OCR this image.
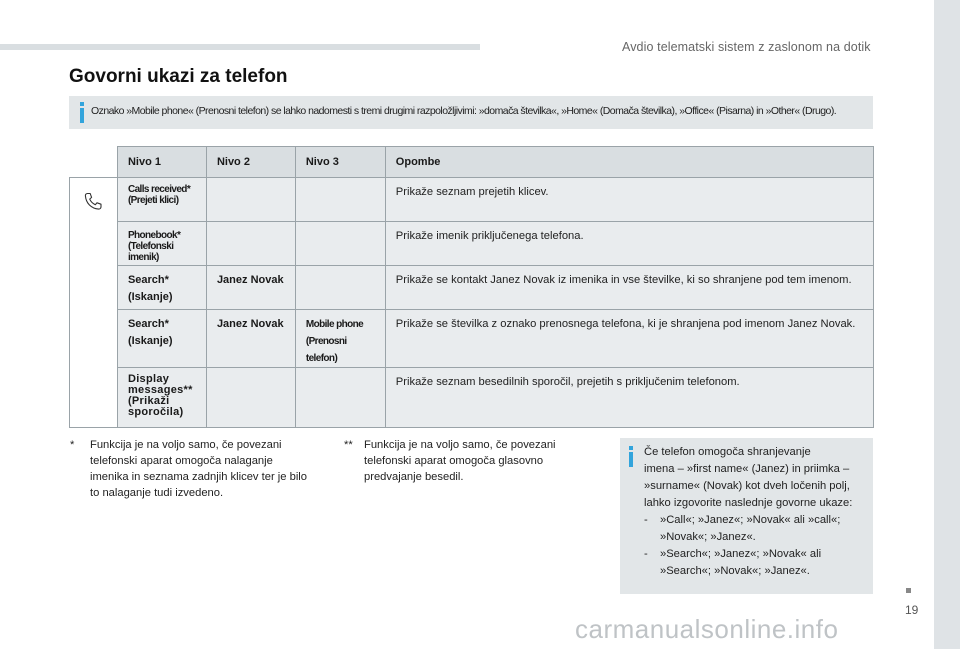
Avdio telematski sistem z zaslonom na dotik
Govorni ukazi za telefon
Oznako »Mobile phone« (Prenosni telefon) se lahko nadomesti s tremi drugimi razpoložljivimi: »domača številka«, »Home« (Domača številka), »Office« (Pisarna) in »Other« (Drugo).
	Nivo 1	Nivo 2	Nivo 3	Opombe

Calls received*
(Prejeti klici)			Prikaže seznam prejetih klicev.

	Phonebook*
(Telefonski imenik)			Prikaže imenik priključenega telefona.

	Search*
(Iskanje)	Janez Novak		Prikaže se kontakt Janez Novak iz imenika in vse številke, ki so shranjene pod tem imenom.

	Search*
(Iskanje)	Janez Novak	Mobile phone
(Prenosni telefon)	Prikaže se številka z oznako prenosnega telefona, ki je shranjena pod imenom Janez Novak.

	Display
messages**
(Prikaži
sporočila)			Prikaže seznam besedilnih sporočil, prejetih s priključenim telefonom.
* Funkcija je na voljo samo, če povezani
telefonski aparat omogoča nalaganje
imenika in seznama zadnjih klicev ter je bilo
to nalaganje tudi izvedeno.
** Funkcija je na voljo samo, če povezani
telefonski aparat omogoča glasovno
predvajanje besedil.
Če telefon omogoča shranjevanje
imena – »first name« (Janez) in priimka –
»surname« (Novak) kot dveh ločenih polj,
lahko izgovorite naslednje govorne ukaze:
- »Call«; »Janez«; »Novak« ali »call«;
»Novak«; »Janez«.
- »Search«; »Janez«; »Novak« ali
»Search«; »Novak«; »Janez«.
19
carmanualsonline.info
